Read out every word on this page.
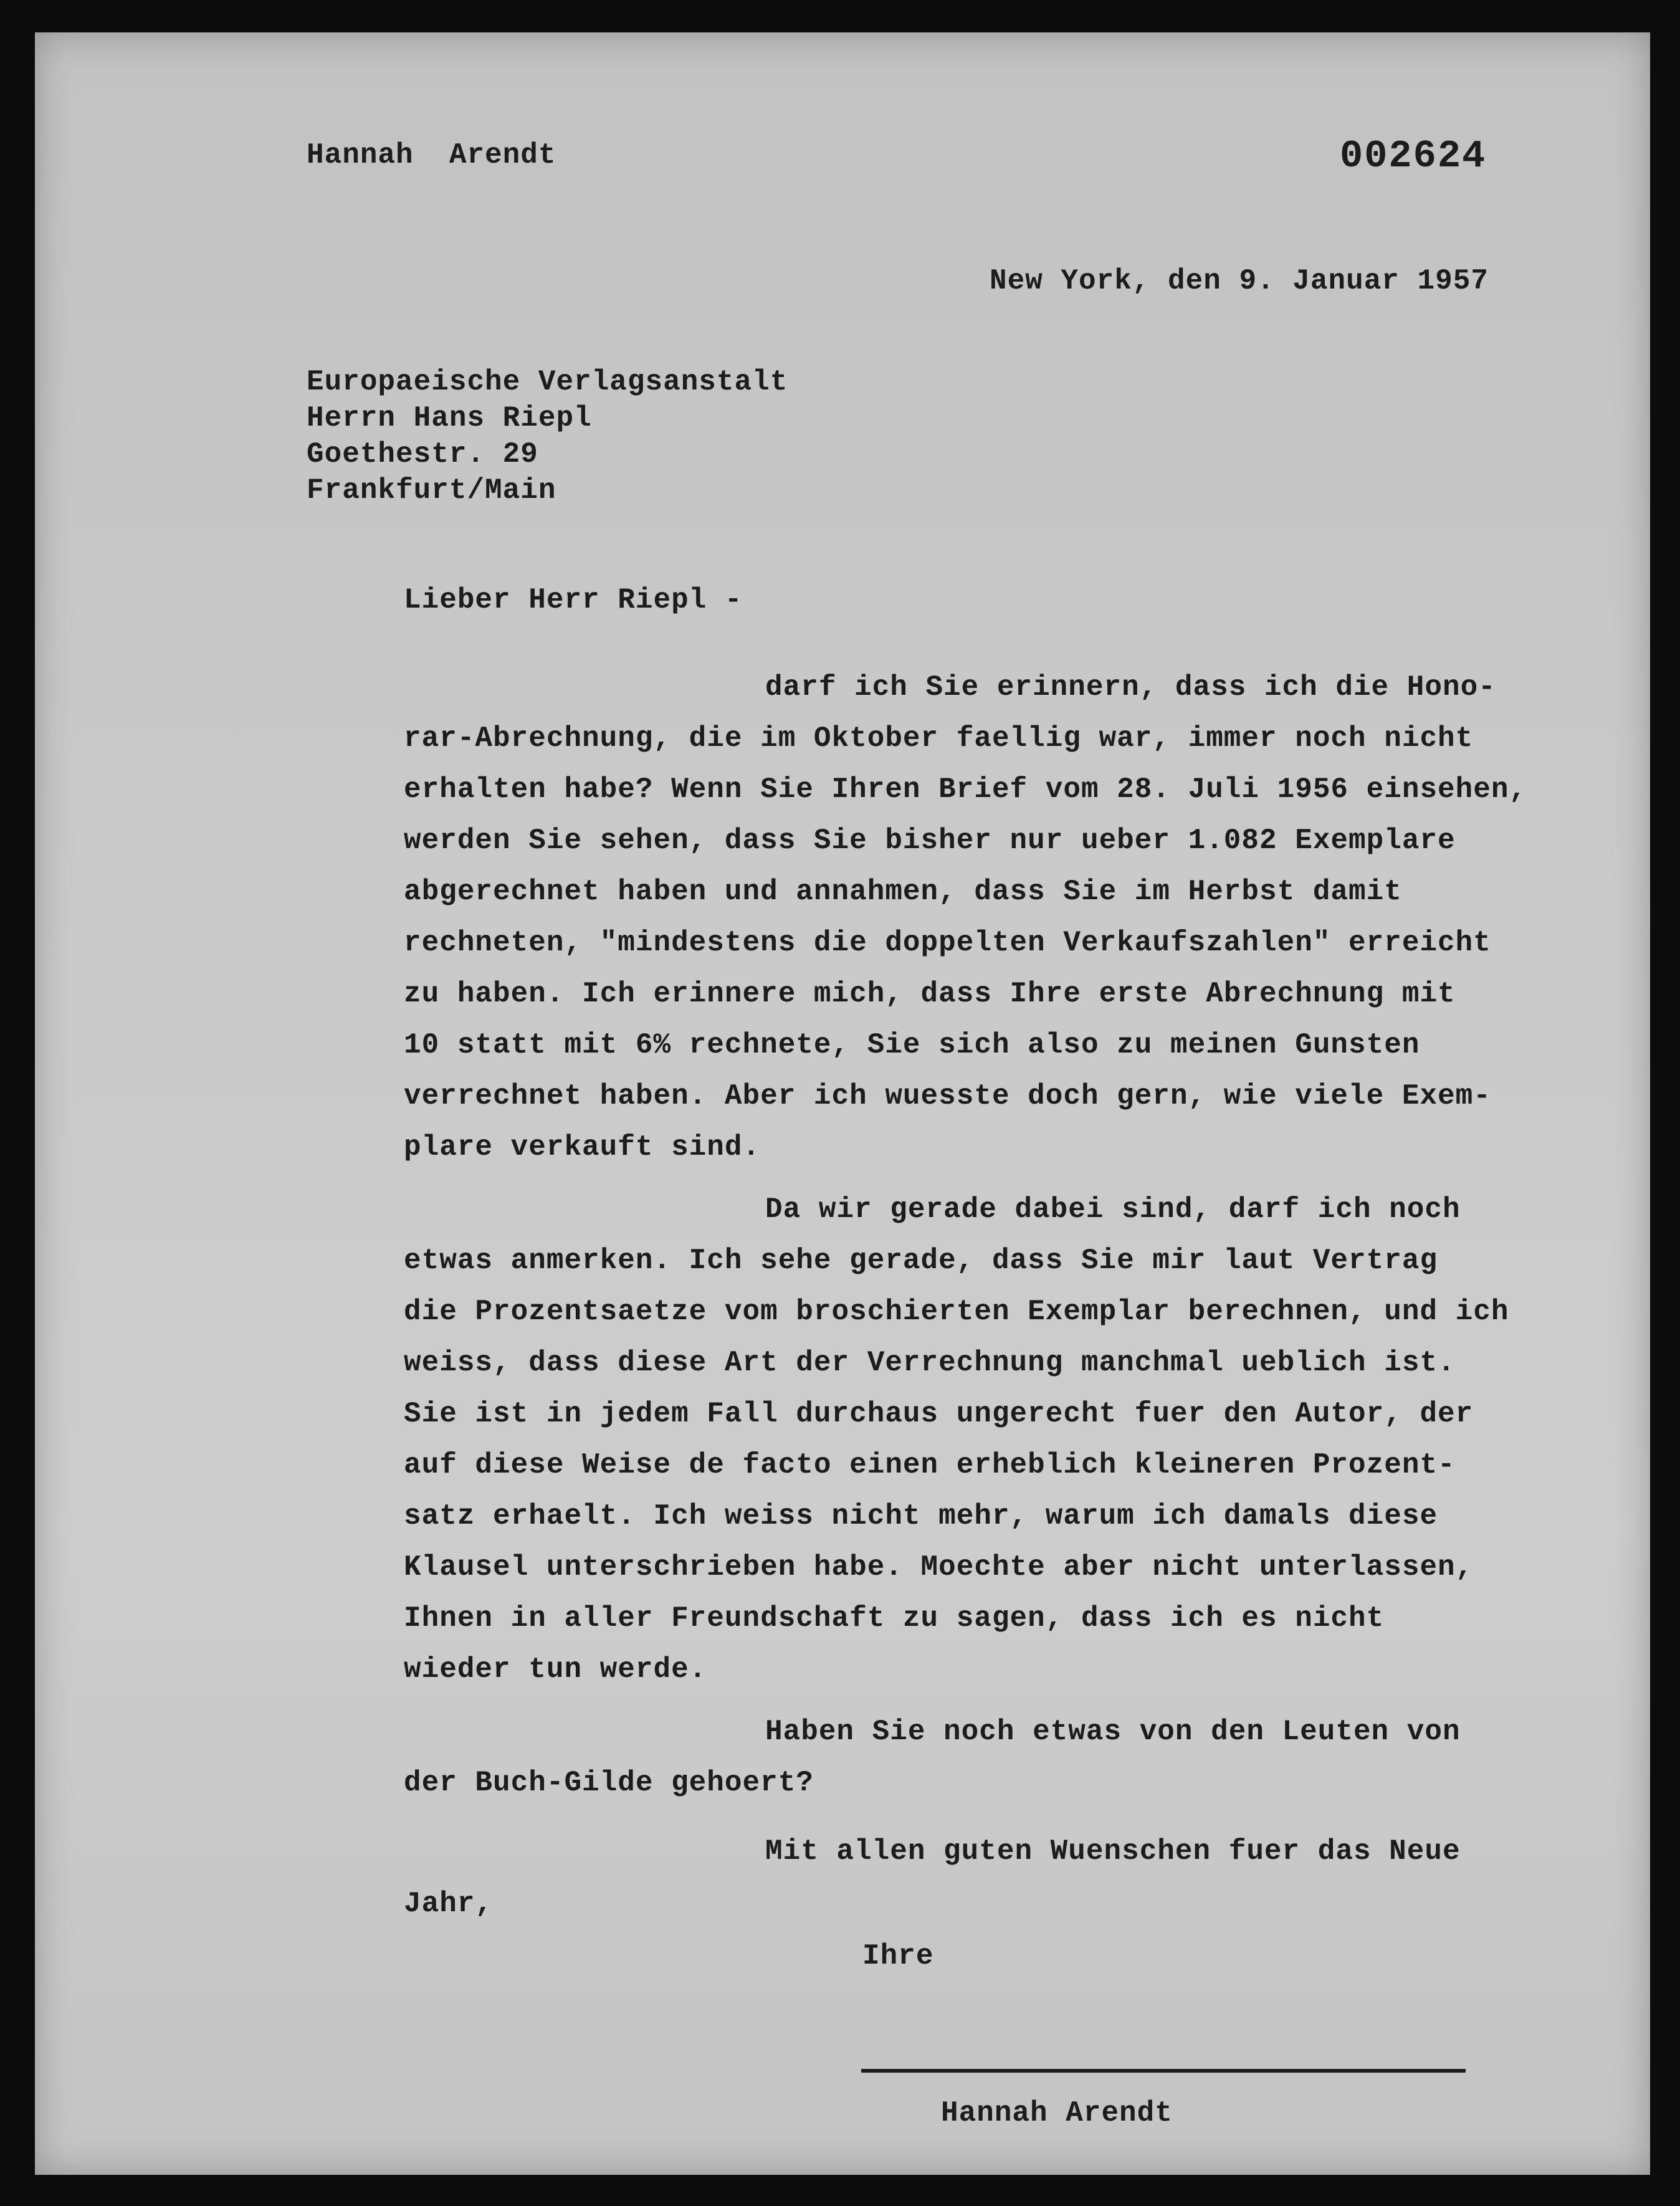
Hannah  Arendt	002624

New York, den 9. Januar 1957

Europaeische Verlagsanstalt

Herrn Hans Riepl

Goethestr. 29

Frankfurt/Main

Lieber Herr Riepl -

darf ich Sie erinnern, dass ich die Hono-

rar-Abrechnung, die im Oktober faellig war, immer noch nicht

erhalten habe? Wenn Sie Ihren Brief vom 28. Juli 1956 einsehen,

werden Sie sehen, dass Sie bisher nur ueber 1.082 Exemplare

abgerechnet haben und annahmen, dass Sie im Herbst damit

rechneten, "mindestens die doppelten Verkaufszahlen" erreicht

zu haben. Ich erinnere mich, dass Ihre erste Abrechnung mit

10 statt mit 6% rechnete, Sie sich also zu meinen Gunsten

verrechnet haben. Aber ich wuesste doch gern, wie viele Exem-

plare verkauft sind.

Da wir gerade dabei sind, darf ich noch

etwas anmerken. Ich sehe gerade, dass Sie mir laut Vertrag

die Prozentsaetze vom broschierten Exemplar berechnen, und ich

weiss, dass diese Art der Verrechnung manchmal ueblich ist.

Sie ist in jedem Fall durchaus ungerecht fuer den Autor, der

auf diese Weise de facto einen erheblich kleineren Prozent-

satz erhaelt. Ich weiss nicht mehr, warum ich damals diese

Klausel unterschrieben habe. Moechte aber nicht unterlassen,

Ihnen in aller Freundschaft zu sagen, dass ich es nicht

wieder tun werde.

Haben Sie noch etwas von den Leuten von

der Buch-Gilde gehoert?

Mit allen guten Wuenschen fuer das Neue

Jahr,

Ihre

Hannah Arendt
